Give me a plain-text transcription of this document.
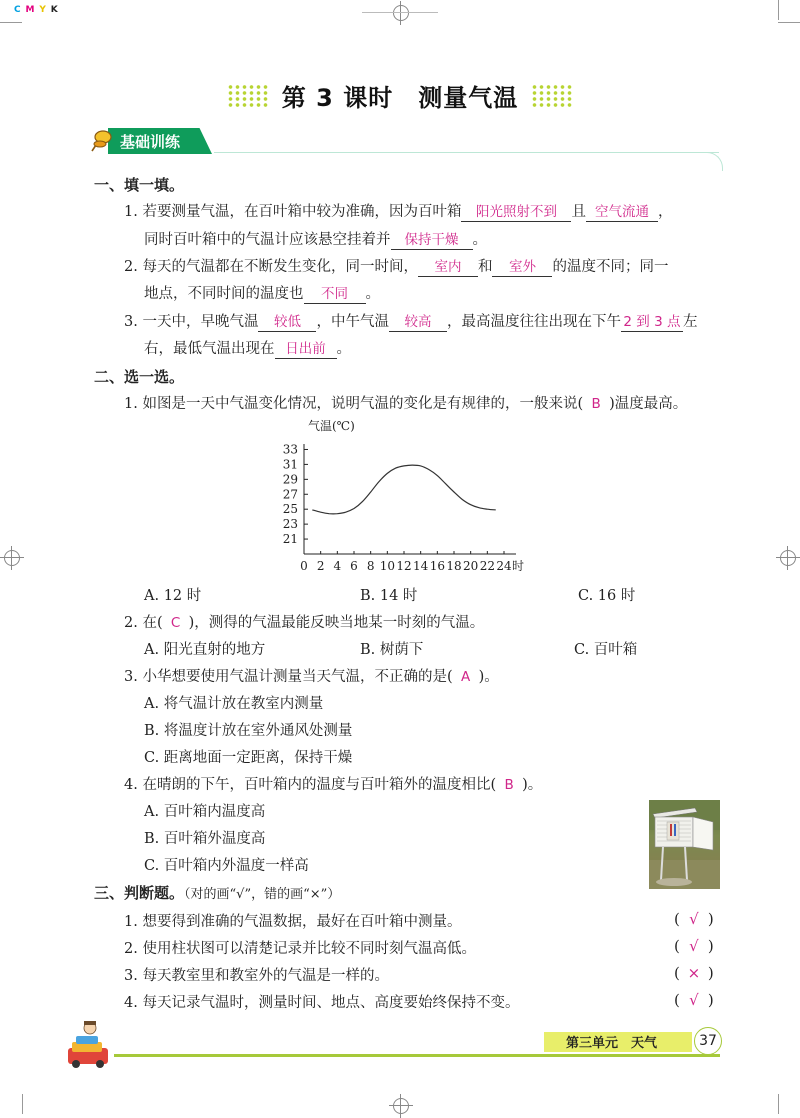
C M Y K
第 3 课时　测量气温
基础训练
一、填一填。
1. 若要测量气温，在百叶箱中较为准确，因为百叶箱 阳光照射不到 且 空气流通 ，
同时百叶箱中的气温计应该悬空挂着并 保持干燥 。
2. 每天的气温都在不断发生变化，同一时间， 室内 和 室外 的温度不同；同一
地点，不同时间的温度也 不同 。
3. 一天中，早晚气温 较低 ，中午气温 较高 ，最高温度往往出现在下午 2 到 3 点 左
右，最低气温出现在 日出前 。
二、选一选。
1. 如图是一天中气温变化情况，说明气温的变化是有规律的，一般来说( B )温度最高。
气温(℃)
0 2 4 6 8 10 12 14 16 18 20 22 24 时
21
23
25
27
29
31
33
A. 12 时	B. 14 时	C. 16 时
2. 在( C )，测得的气温最能反映当地某一时刻的气温。
A. 阳光直射的地方	B. 树荫下	C. 百叶箱
3. 小华想要使用气温计测量当天气温，不正确的是( A )。
A. 将气温计放在教室内测量
B. 将温度计放在室外通风处测量
C. 距离地面一定距离，保持干燥
4. 在晴朗的下午，百叶箱内的温度与百叶箱外的温度相比( B )。
A. 百叶箱内温度高
B. 百叶箱外温度高
C. 百叶箱内外温度一样高
三、判断题。（对的画“√”，错的画“×”）
1. 想要得到准确的气温数据，最好在百叶箱中测量。	( √ )
2. 使用柱状图可以清楚记录并比较不同时刻气温高低。	( √ )
3. 每天教室里和教室外的气温是一样的。	( × )
4. 每天记录气温时，测量时间、地点、高度要始终保持不变。	( √ )
第三单元　天气	37
